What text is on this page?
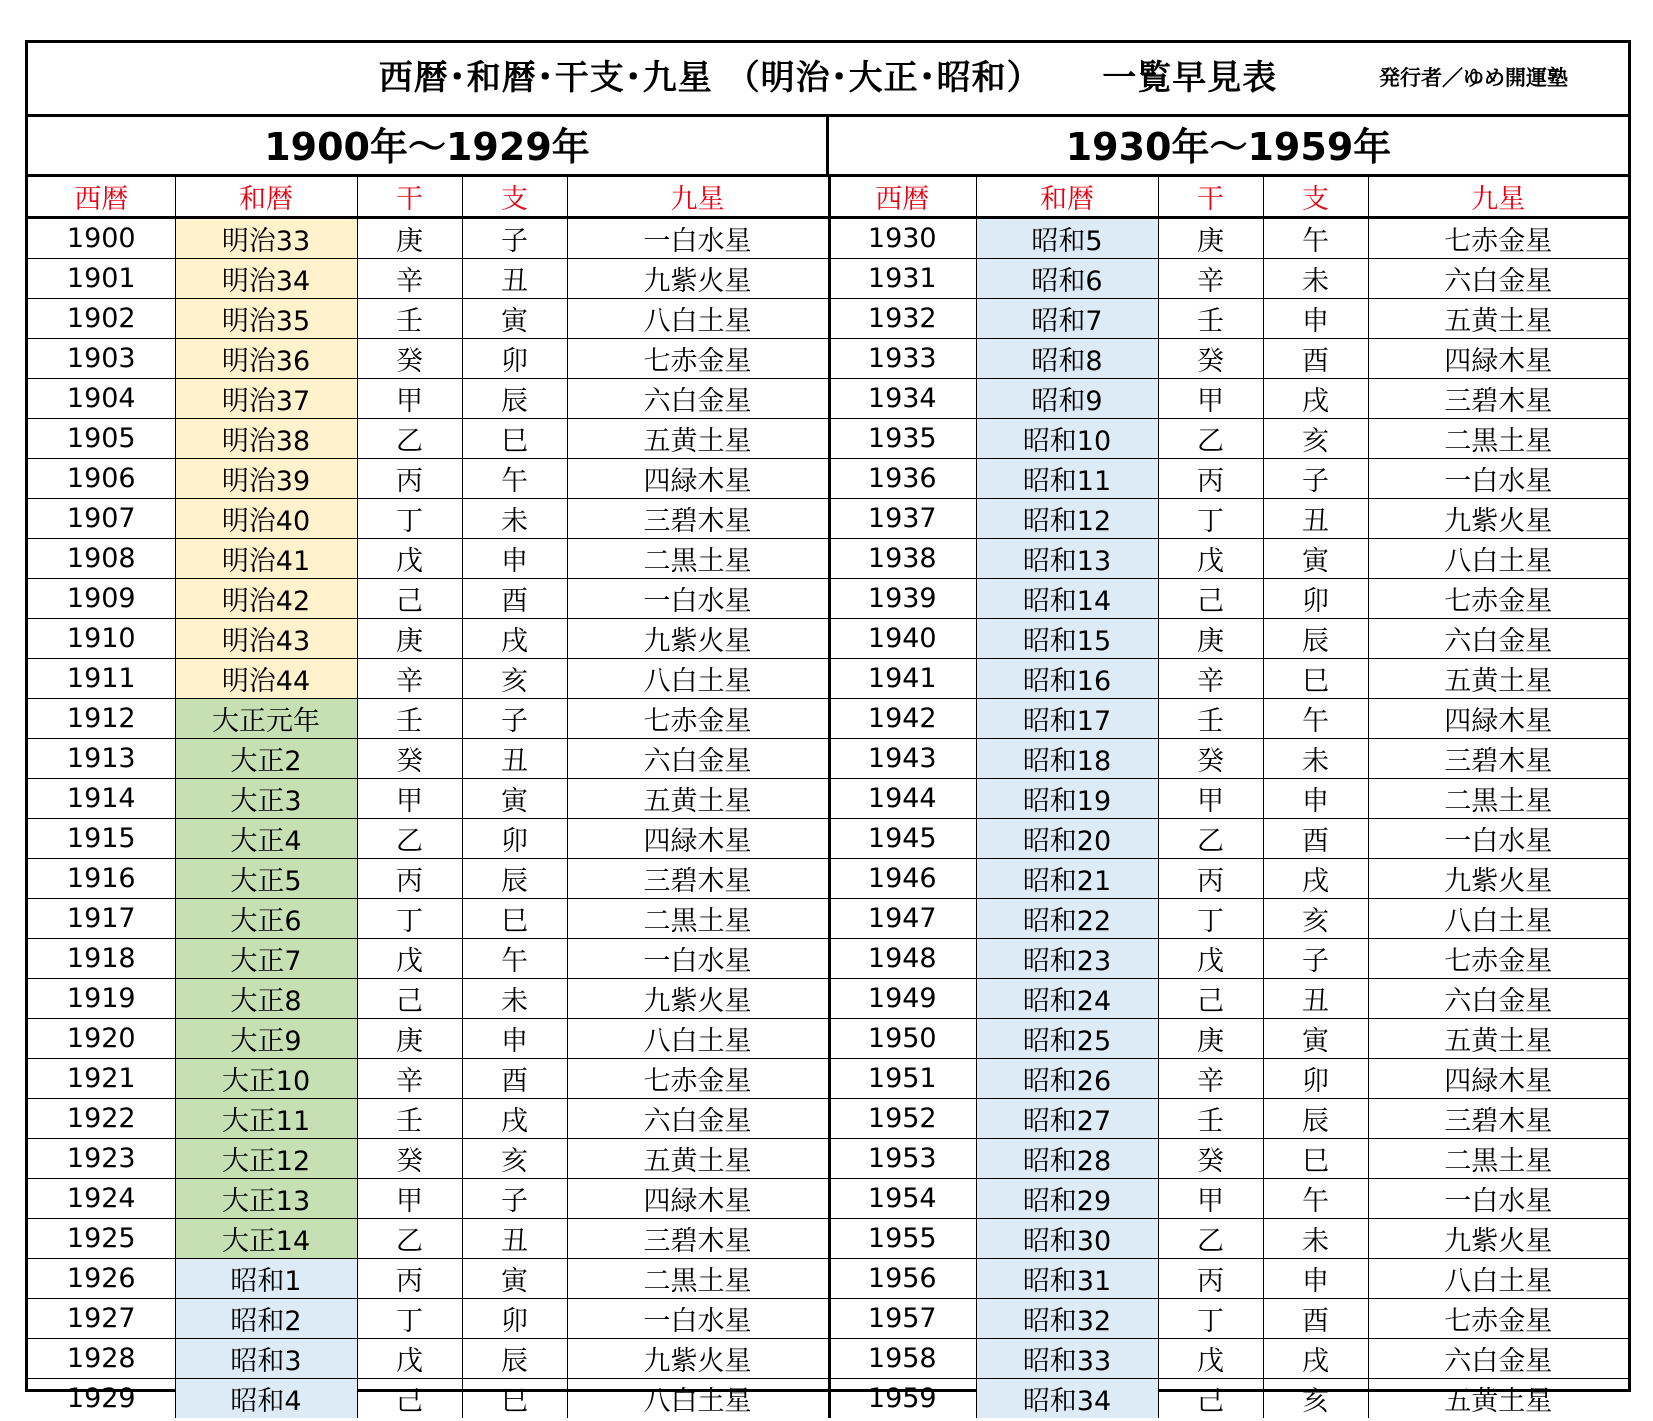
西暦･和暦･干支･九星 （明治･大正･昭和） 　 一覧早見表	発行者／ゆめ開運塾
1900年～1929年	1930年～1959年
西暦	和暦	干	支	九星
1900	明治33	庚	子	一白水星
1901	明治34	辛	丑	九紫火星
1902	明治35	壬	寅	八白土星
1903	明治36	癸	卯	七赤金星
1904	明治37	甲	辰	六白金星
1905	明治38	乙	巳	五黄土星
1906	明治39	丙	午	四緑木星
1907	明治40	丁	未	三碧木星
1908	明治41	戊	申	二黒土星
1909	明治42	己	酉	一白水星
1910	明治43	庚	戌	九紫火星
1911	明治44	辛	亥	八白土星
1912	大正元年	壬	子	七赤金星
1913	大正2	癸	丑	六白金星
1914	大正3	甲	寅	五黄土星
1915	大正4	乙	卯	四緑木星
1916	大正5	丙	辰	三碧木星
1917	大正6	丁	巳	二黒土星
1918	大正7	戊	午	一白水星
1919	大正8	己	未	九紫火星
1920	大正9	庚	申	八白土星
1921	大正10	辛	酉	七赤金星
1922	大正11	壬	戌	六白金星
1923	大正12	癸	亥	五黄土星
1924	大正13	甲	子	四緑木星
1925	大正14	乙	丑	三碧木星
1926	昭和1	丙	寅	二黒土星
1927	昭和2	丁	卯	一白水星
1928	昭和3	戊	辰	九紫火星
1929	昭和4	己	巳	八白土星
西暦	和暦	干	支	九星
1930	昭和5	庚	午	七赤金星
1931	昭和6	辛	未	六白金星
1932	昭和7	壬	申	五黄土星
1933	昭和8	癸	酉	四緑木星
1934	昭和9	甲	戌	三碧木星
1935	昭和10	乙	亥	二黒土星
1936	昭和11	丙	子	一白水星
1937	昭和12	丁	丑	九紫火星
1938	昭和13	戊	寅	八白土星
1939	昭和14	己	卯	七赤金星
1940	昭和15	庚	辰	六白金星
1941	昭和16	辛	巳	五黄土星
1942	昭和17	壬	午	四緑木星
1943	昭和18	癸	未	三碧木星
1944	昭和19	甲	申	二黒土星
1945	昭和20	乙	酉	一白水星
1946	昭和21	丙	戌	九紫火星
1947	昭和22	丁	亥	八白土星
1948	昭和23	戊	子	七赤金星
1949	昭和24	己	丑	六白金星
1950	昭和25	庚	寅	五黄土星
1951	昭和26	辛	卯	四緑木星
1952	昭和27	壬	辰	三碧木星
1953	昭和28	癸	巳	二黒土星
1954	昭和29	甲	午	一白水星
1955	昭和30	乙	未	九紫火星
1956	昭和31	丙	申	八白土星
1957	昭和32	丁	酉	七赤金星
1958	昭和33	戊	戌	六白金星
1959	昭和34	己	亥	五黄土星
